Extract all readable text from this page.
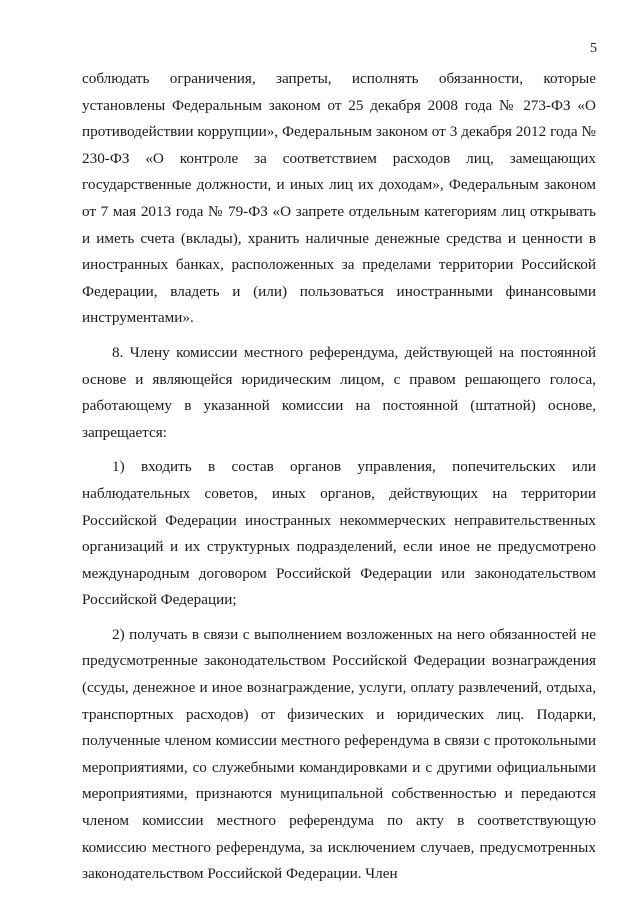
5

соблюдать ограничения, запреты, исполнять обязанности, которые установлены Федеральным законом от 25 декабря 2008 года № 273-ФЗ «О противодействии коррупции», Федеральным законом от 3 декабря 2012 года № 230-ФЗ «О контроле за соответствием расходов лиц, замещающих государственные должности, и иных лиц их доходам», Федеральным законом от 7 мая 2013 года № 79-ФЗ «О запрете отдельным категориям лиц открывать и иметь счета (вклады), хранить наличные денежные средства и ценности в иностранных банках, расположенных за пределами территории Российской Федерации, владеть и (или) пользоваться иностранными финансовыми инструментами».

8. Члену комиссии местного референдума, действующей на постоянной основе и являющейся юридическим лицом, с правом решающего голоса, работающему в указанной комиссии на постоянной (штатной) основе, запрещается:

1) входить в состав органов управления, попечительских или наблюдательных советов, иных органов, действующих на территории Российской Федерации иностранных некоммерческих неправительственных организаций и их структурных подразделений, если иное не предусмотрено международным договором Российской Федерации или законодательством Российской Федерации;

2) получать в связи с выполнением возложенных на него обязанностей не предусмотренные законодательством Российской Федерации вознаграждения (ссуды, денежное и иное вознаграждение, услуги, оплату развлечений, отдыха, транспортных расходов) от физических и юридических лиц. Подарки, полученные членом комиссии местного референдума в связи с протокольными мероприятиями, со служебными командировками и с другими официальными мероприятиями, признаются муниципальной собственностью и передаются членом комиссии местного референдума по акту в соответствующую комиссию местного референдума, за исключением случаев, предусмотренных законодательством Российской Федерации. Член
